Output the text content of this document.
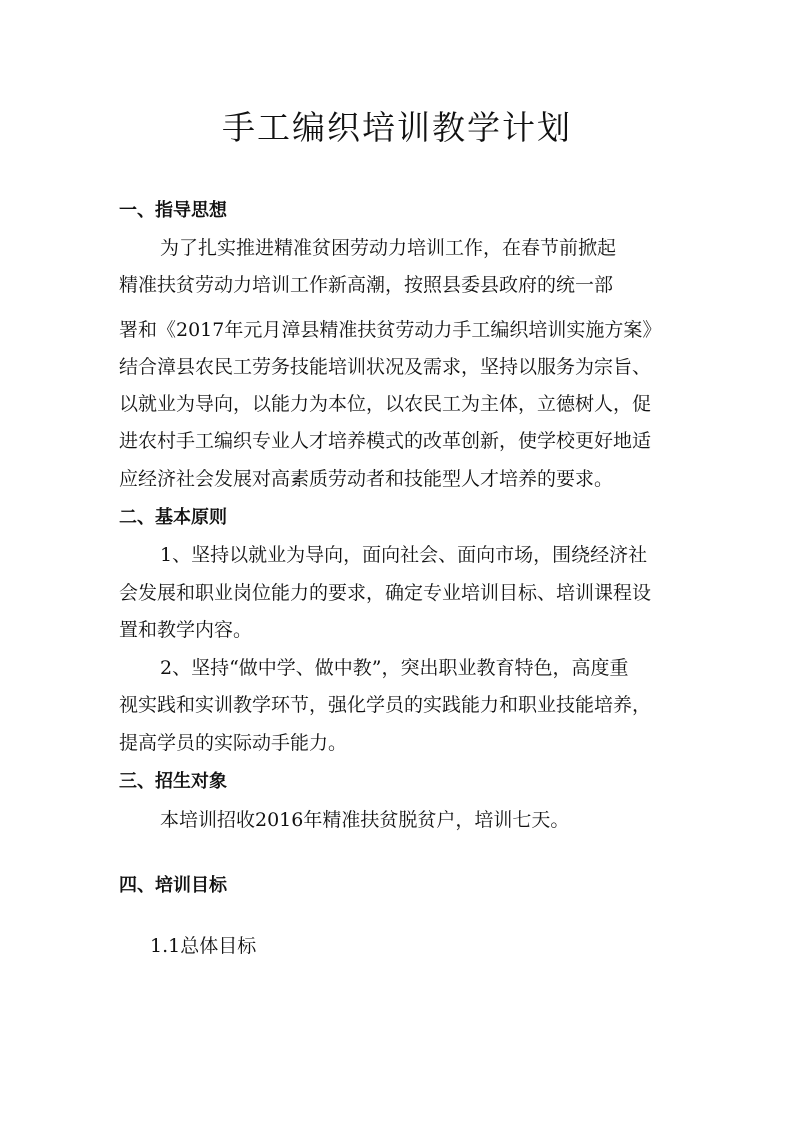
手工编织培训教学计划
一、指导思想
为了扎实推进精准贫困劳动力培训工作，在春节前掀起
精准扶贫劳动力培训工作新高潮，按照县委县政府的统一部
署和《2017年元月漳县精准扶贫劳动力手工编织培训实施方案》
结合漳县农民工劳务技能培训状况及需求，坚持以服务为宗旨、
以就业为导向，以能力为本位，以农民工为主体，立德树人，促
进农村手工编织专业人才培养模式的改革创新，使学校更好地适
应经济社会发展对高素质劳动者和技能型人才培养的要求。
二、基本原则
1、坚持以就业为导向，面向社会、面向市场，围绕经济社
会发展和职业岗位能力的要求，确定专业培训目标、培训课程设
置和教学内容。
2、坚持“做中学、做中教”，突出职业教育特色，高度重
视实践和实训教学环节，强化学员的实践能力和职业技能培养，
提高学员的实际动手能力。
三、招生对象
本培训招收2016年精准扶贫脱贫户，培训七天。
四、培训目标
1.1总体目标
